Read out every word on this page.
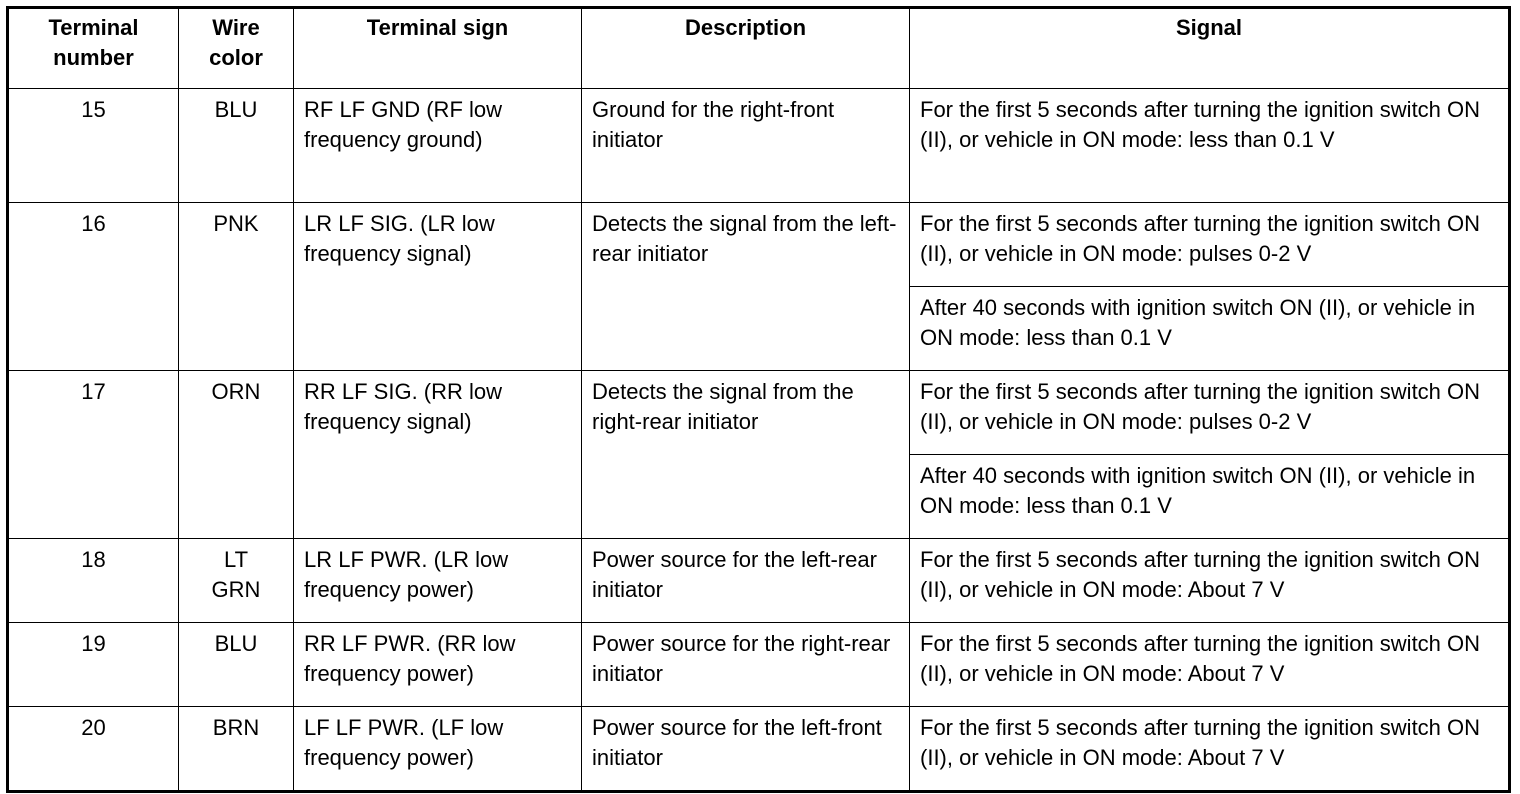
Terminal number	Wire color	Terminal sign	Description	Signal
15	BLU	RF LF GND (RF low frequency ground)	Ground for the right-front initiator	For the first 5 seconds after turning the ignition switch ON (II), or vehicle in ON mode: less than 0.1 V
16	PNK	LR LF SIG. (LR low frequency signal)	Detects the signal from the left-rear initiator	For the first 5 seconds after turning the ignition switch ON (II), or vehicle in ON mode: pulses 0-2 V
				After 40 seconds with ignition switch ON (II), or vehicle in ON mode: less than 0.1 V
17	ORN	RR LF SIG. (RR low frequency signal)	Detects the signal from the right-rear initiator	For the first 5 seconds after turning the ignition switch ON (II), or vehicle in ON mode: pulses 0-2 V
				After 40 seconds with ignition switch ON (II), or vehicle in ON mode: less than 0.1 V
18	LT GRN	LR LF PWR. (LR low frequency power)	Power source for the left-rear initiator	For the first 5 seconds after turning the ignition switch ON (II), or vehicle in ON mode: About 7 V
19	BLU	RR LF PWR. (RR low frequency power)	Power source for the right-rear initiator	For the first 5 seconds after turning the ignition switch ON (II), or vehicle in ON mode: About 7 V
20	BRN	LF LF PWR. (LF low frequency power)	Power source for the left-front initiator	For the first 5 seconds after turning the ignition switch ON (II), or vehicle in ON mode: About 7 V
